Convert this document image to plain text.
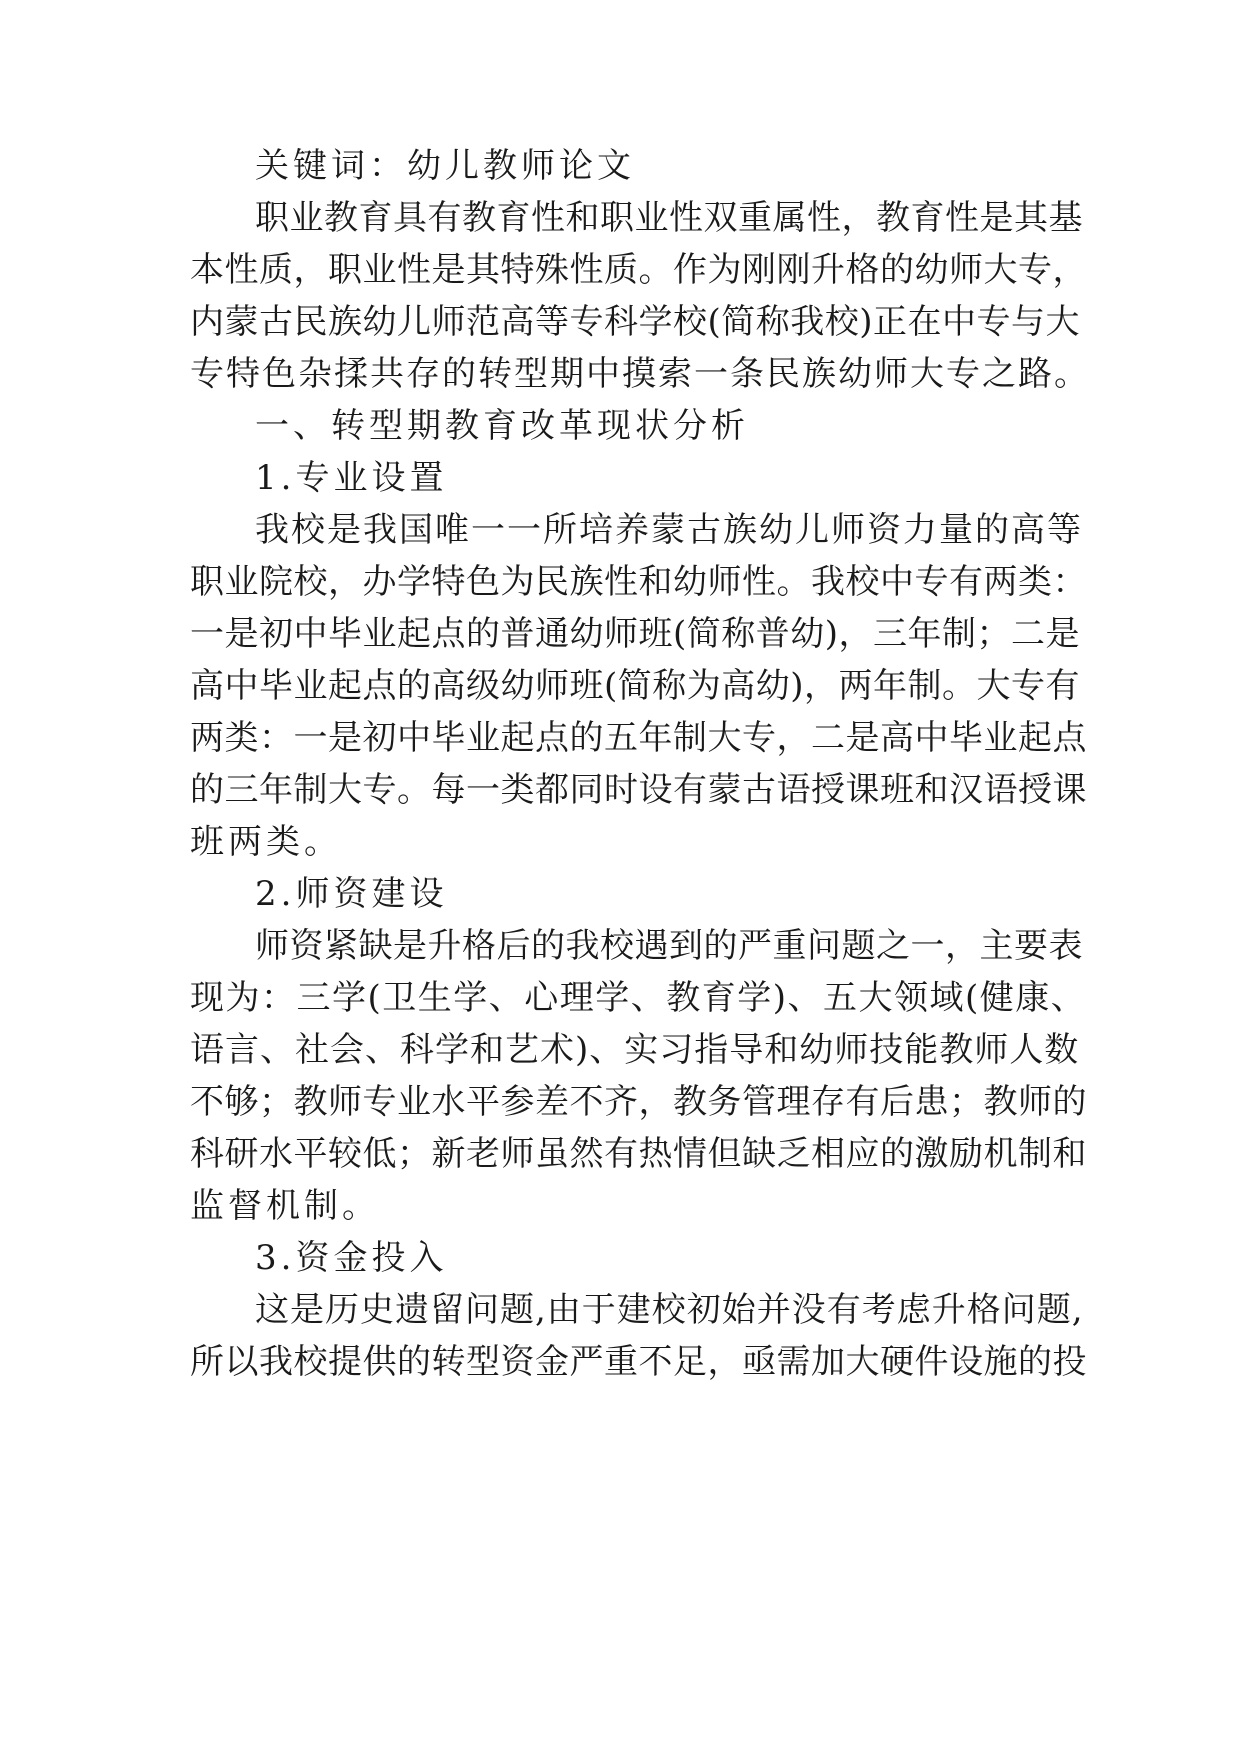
关键词：幼儿教师论文
职业教育具有教育性和职业性双重属性，教育性是其基
本性质，职业性是其特殊性质。作为刚刚升格的幼师大专，
内蒙古民族幼儿师范高等专科学校(简称我校)正在中专与大
专特色杂揉共存的转型期中摸索一条民族幼师大专之路。
一、转型期教育改革现状分析
1.专业设置
我校是我国唯一一所培养蒙古族幼儿师资力量的高等
职业院校，办学特色为民族性和幼师性。我校中专有两类：
一是初中毕业起点的普通幼师班(简称普幼)，三年制；二是
高中毕业起点的高级幼师班(简称为高幼)，两年制。大专有
两类：一是初中毕业起点的五年制大专，二是高中毕业起点
的三年制大专。每一类都同时设有蒙古语授课班和汉语授课
班两类。
2.师资建设
师资紧缺是升格后的我校遇到的严重问题之一，主要表
现为：三学(卫生学、心理学、教育学)、五大领域(健康、
语言、社会、科学和艺术)、实习指导和幼师技能教师人数
不够；教师专业水平参差不齐，教务管理存有后患；教师的
科研水平较低；新老师虽然有热情但缺乏相应的激励机制和
监督机制。
3.资金投入
这是历史遗留问题,由于建校初始并没有考虑升格问题,
所以我校提供的转型资金严重不足，亟需加大硬件设施的投
